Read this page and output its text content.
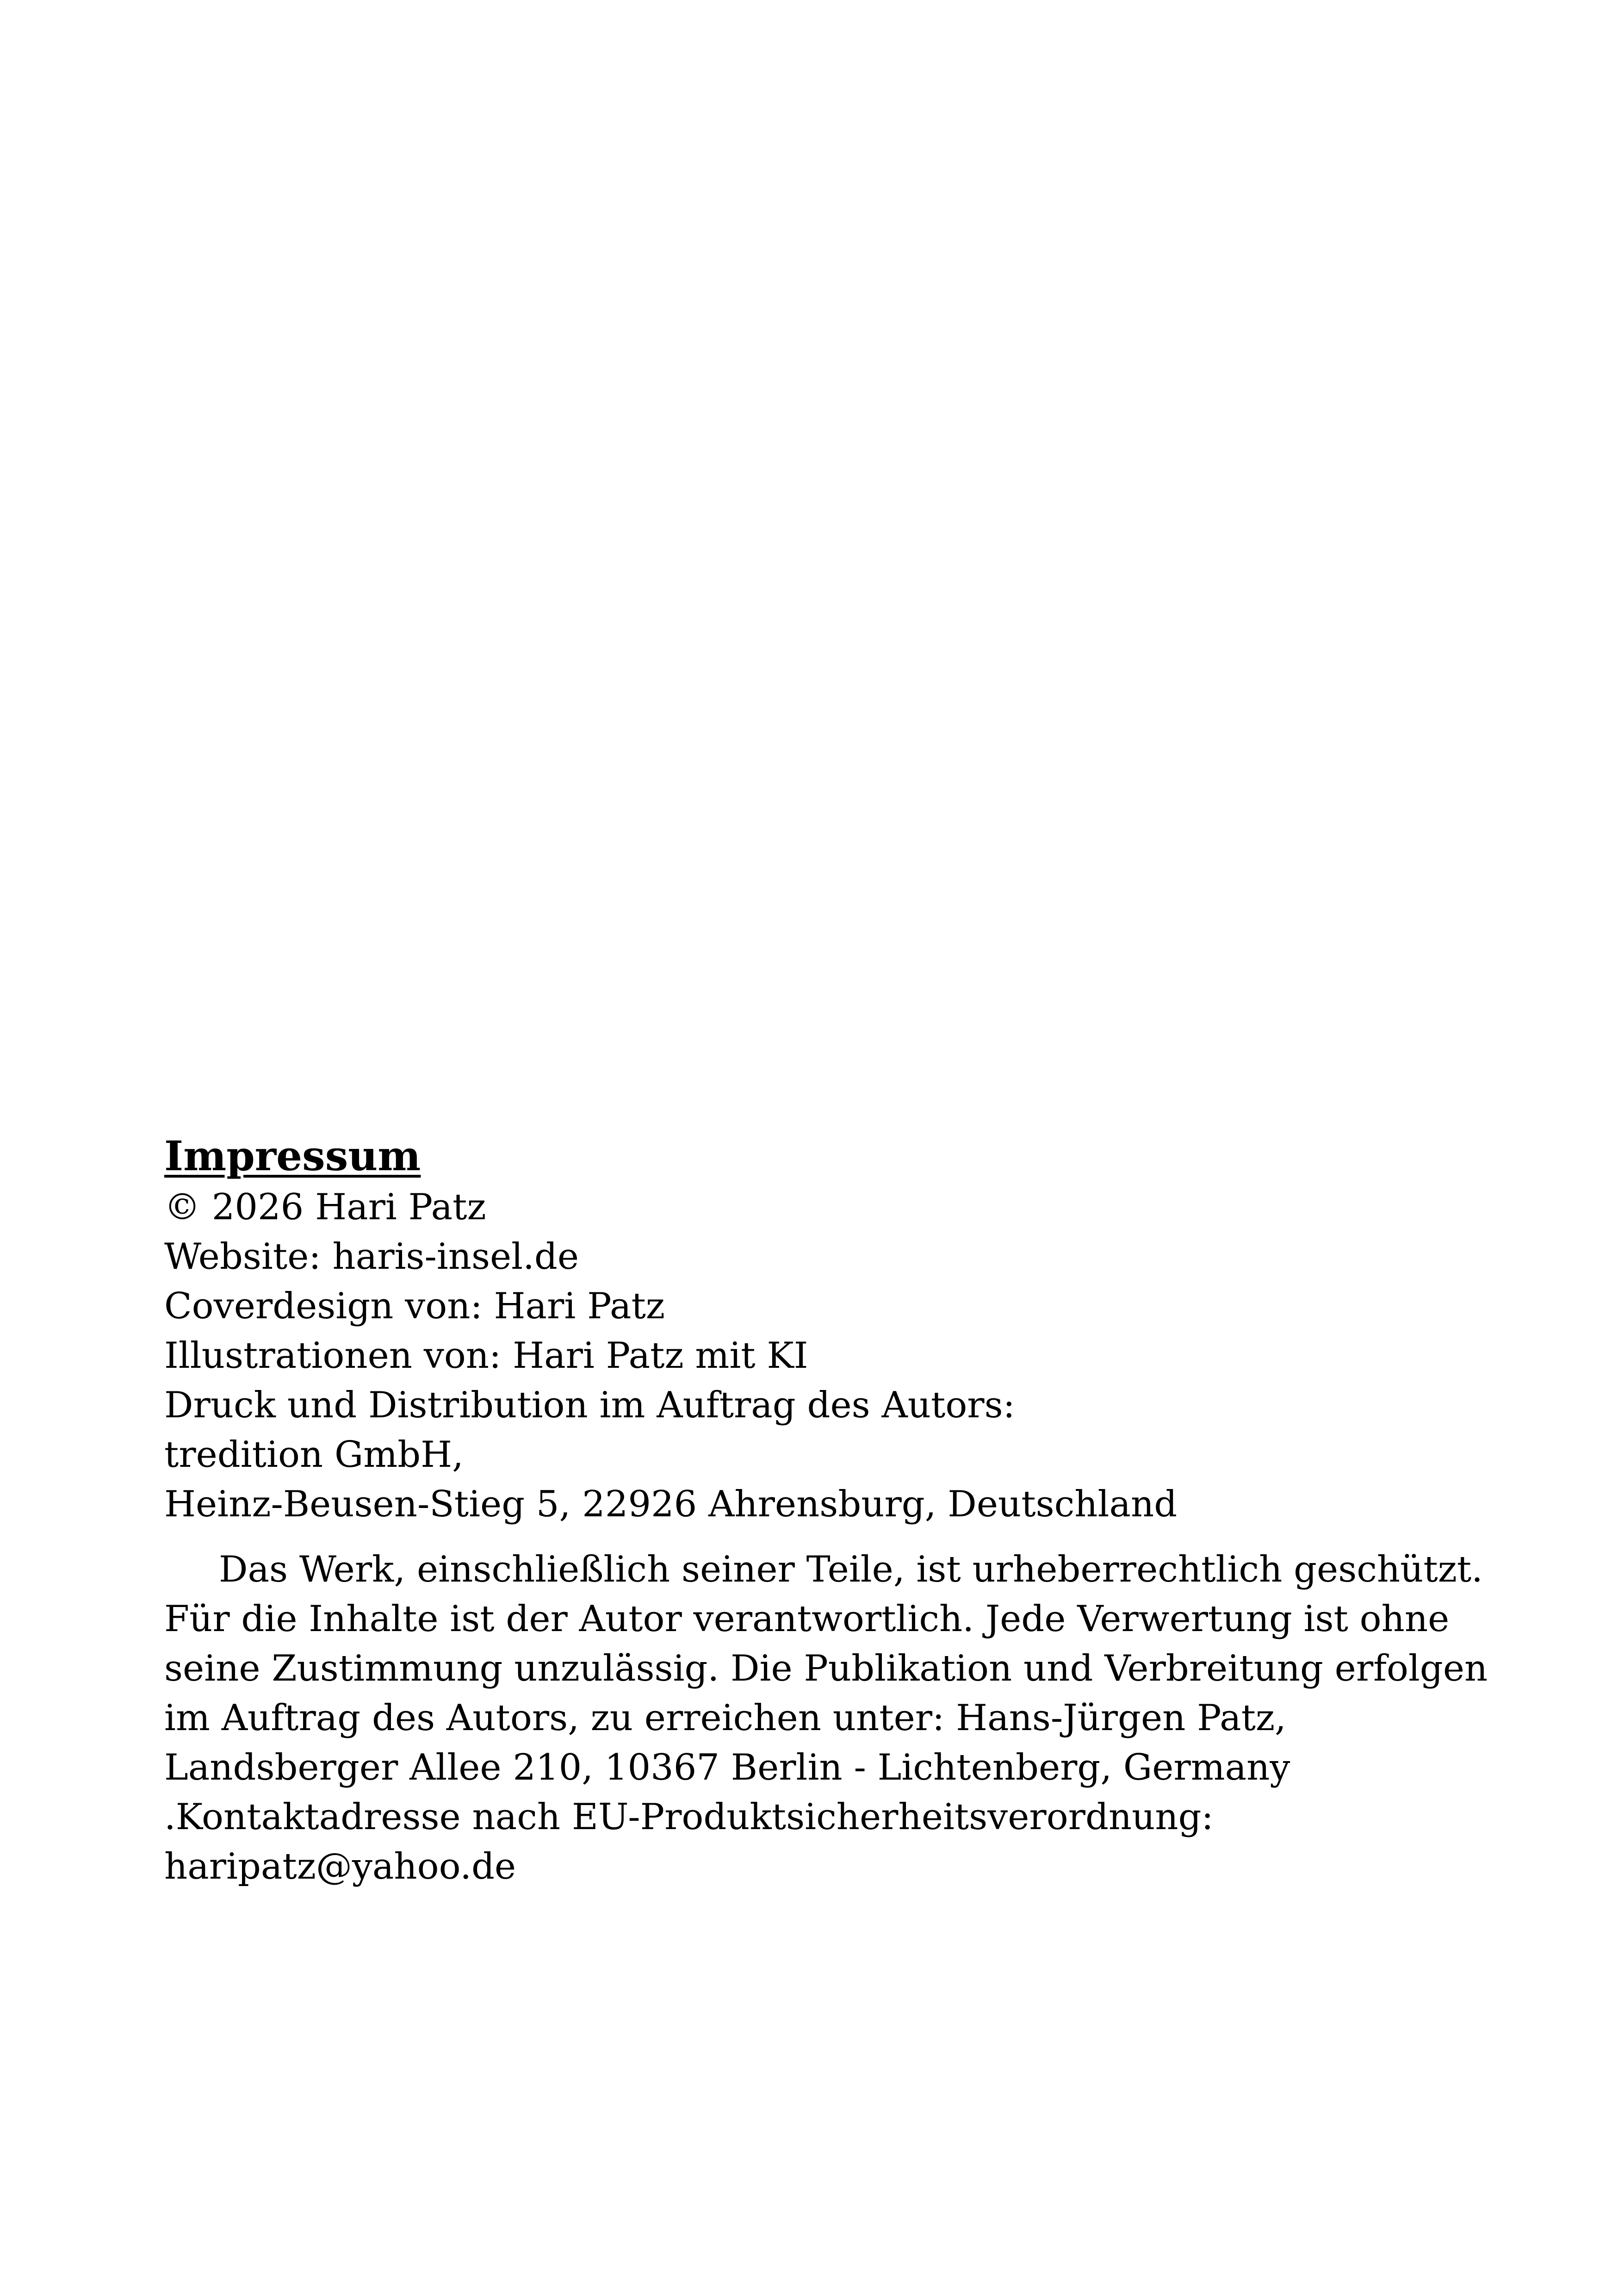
Impressum
© 2026 Hari Patz
Website: haris-insel.de
Coverdesign von: Hari Patz
Illustrationen von: Hari Patz mit KI
Druck und Distribution im Auftrag des Autors:
tredition GmbH,
Heinz-Beusen-Stieg 5, 22926 Ahrensburg, Deutschland
Das Werk, einschließlich seiner Teile, ist urheberrechtlich geschützt.
Für die Inhalte ist der Autor verantwortlich. Jede Verwertung ist ohne
seine Zustimmung unzulässig. Die Publikation und Verbreitung erfolgen
im Auftrag des Autors, zu erreichen unter: Hans-Jürgen Patz,
Landsberger Allee 210, 10367 Berlin - Lichtenberg, Germany
.Kontaktadresse nach EU-Produktsicherheitsverordnung:
haripatz@yahoo.de
